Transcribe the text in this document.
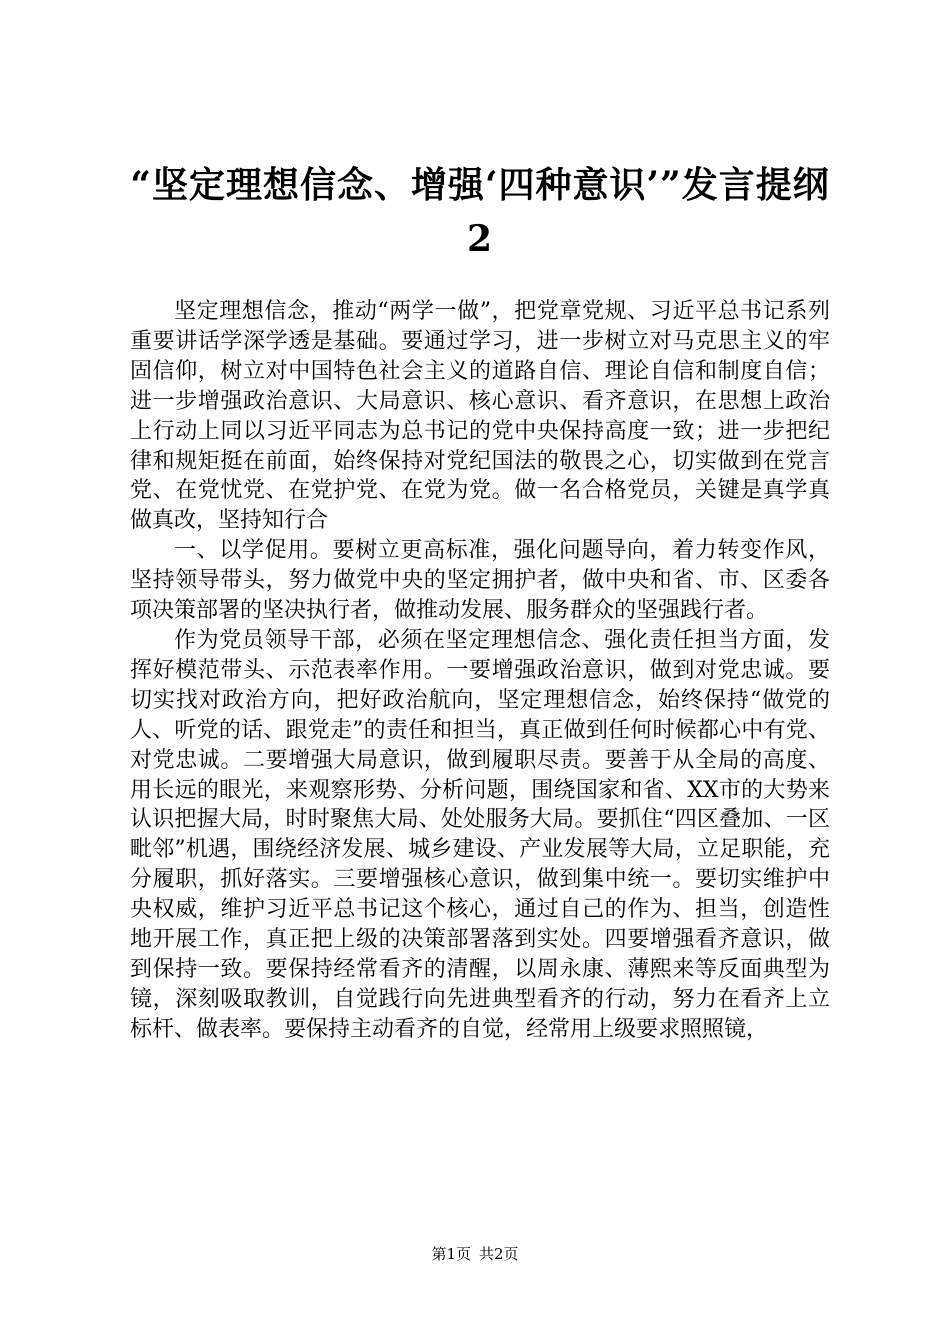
“坚定理想信念、增强‘四种意识’”发言提纲2

坚定理想信念，推动“两学一做”，把党章党规、习近平总书记系列重要讲话学深学透是基础。要通过学习，进一步树立对马克思主义的牢固信仰，树立对中国特色社会主义的道路自信、理论自信和制度自信；进一步增强政治意识、大局意识、核心意识、看齐意识，在思想上政治上行动上同以习近平同志为总书记的党中央保持高度一致；进一步把纪律和规矩挺在前面，始终保持对党纪国法的敬畏之心，切实做到在党言党、在党忧党、在党护党、在党为党。做一名合格党员，关键是真学真做真改，坚持知行合

一、以学促用。要树立更高标准，强化问题导向，着力转变作风，坚持领导带头，努力做党中央的坚定拥护者，做中央和省、市、区委各项决策部署的坚决执行者，做推动发展、服务群众的坚强践行者。

作为党员领导干部，必须在坚定理想信念、强化责任担当方面，发挥好模范带头、示范表率作用。一要增强政治意识，做到对党忠诚。要切实找对政治方向，把好政治航向，坚定理想信念，始终保持“做党的人、听党的话、跟党走”的责任和担当，真正做到任何时候都心中有党、对党忠诚。二要增强大局意识，做到履职尽责。要善于从全局的高度、用长远的眼光，来观察形势、分析问题，围绕国家和省、XX市的大势来认识把握大局，时时聚焦大局、处处服务大局。要抓住“四区叠加、一区毗邻”机遇，围绕经济发展、城乡建设、产业发展等大局，立足职能，充分履职，抓好落实。三要增强核心意识，做到集中统一。要切实维护中央权威，维护习近平总书记这个核心，通过自己的作为、担当，创造性地开展工作，真正把上级的决策部署落到实处。四要增强看齐意识，做到保持一致。要保持经常看齐的清醒，以周永康、薄熙来等反面典型为镜，深刻吸取教训，自觉践行向先进典型看齐的行动，努力在看齐上立标杆、做表率。要保持主动看齐的自觉，经常用上级要求照照镜，

第1页 共2页
